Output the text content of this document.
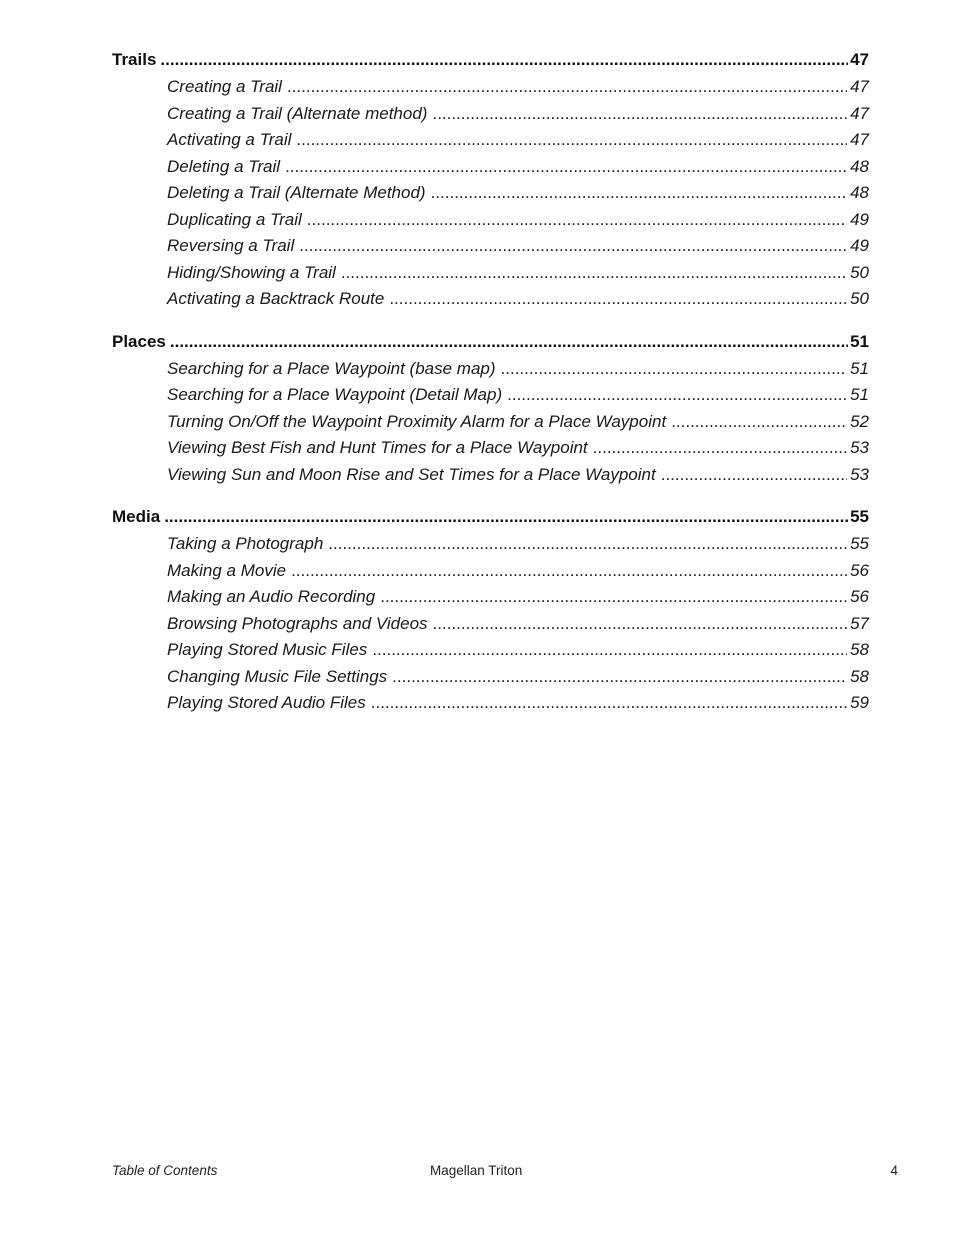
Trails .....	47
Creating a Trail .....	47
Creating a Trail (Alternate method) .....	47
Activating a Trail .....	47
Deleting a Trail .....	48
Deleting a Trail (Alternate Method) .....	48
Duplicating a Trail .....	49
Reversing a Trail .....	49
Hiding/Showing a Trail .....	50
Activating a Backtrack Route .....	50
Places .....	51
Searching for a Place Waypoint (base map) .....	51
Searching for a Place Waypoint (Detail Map) .....	51
Turning On/Off the Waypoint Proximity Alarm for a Place Waypoint .....	52
Viewing Best Fish and Hunt Times for a Place Waypoint .....	53
Viewing Sun and Moon Rise and Set Times for a Place Waypoint .....	53
Media .....	55
Taking a Photograph .....	55
Making a Movie .....	56
Making an Audio Recording .....	56
Browsing Photographs and Videos .....	57
Playing Stored Music Files .....	58
Changing Music File Settings .....	58
Playing Stored Audio Files .....	59
Table of Contents	Magellan Triton	4
